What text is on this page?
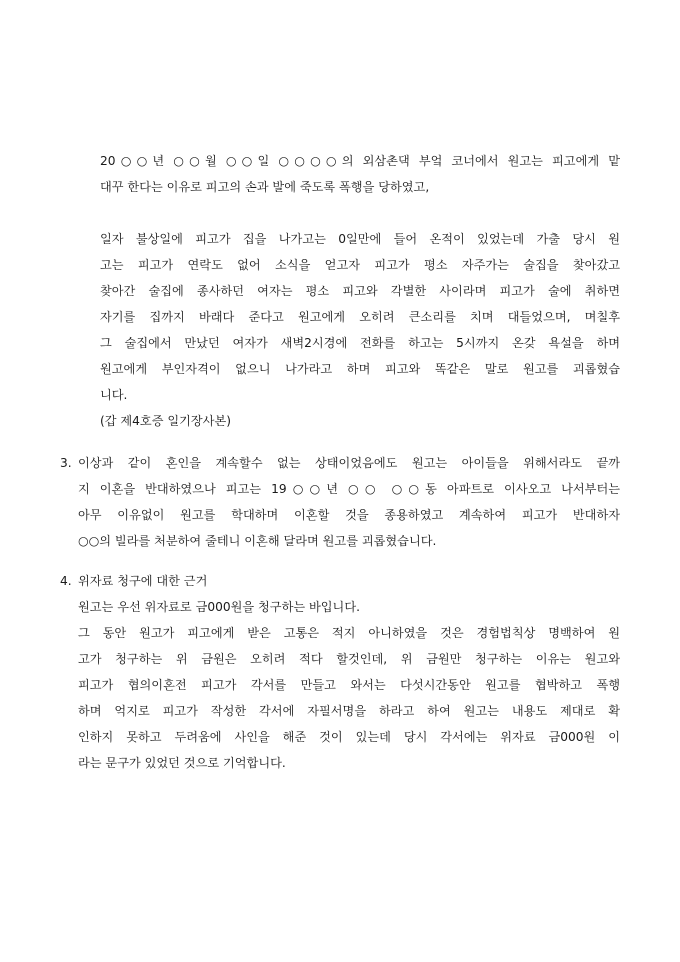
20○○년 ○○월 ○○일 ○○○○의 외삼촌댁 부엌 코너에서 원고는 피고에게 맡
대꾸 한다는 이유로 피고의 손과 발에 죽도록 폭행을 당하였고,
일자 불상일에 피고가 집을 나가고는 0일만에 들어 온적이 있었는데 가출 당시 원
고는 피고가 연락도 없어 소식을 얻고자 피고가 평소 자주가는 술집을 찾아갔고
찾아간 술집에 종사하던 여자는 평소 피고와 각별한 사이라며 피고가 술에 취하면
자기를 집까지 바래다 준다고 원고에게 오히려 큰소리를 치며 대들었으며, 며칠후
그 술집에서 만났던 여자가 새벽2시경에 전화를 하고는 5시까지 온갖 욕설을 하며
원고에게 부인자격이 없으니 나가라고 하며 피고와 똑같은 말로 원고를 괴롭혔습
니다.
(갑 제4호증 일기장사본)
3. 이상과 같이 혼인을 계속할수 없는 상태이었음에도 원고는 아이들을 위해서라도 끝까
지 이혼을 반대하였으나 피고는 19○○년 ○○ ○○동 아파트로 이사오고 나서부터는
아무 이유없이 원고를 학대하며 이혼할 것을 종용하였고 계속하여 피고가 반대하자
○○의 빌라를 처분하여 줄테니 이혼해 달라며 원고를 괴롭혔습니다.
4. 위자료 청구에 대한 근거
원고는 우선 위자료로 금000원을 청구하는 바입니다.
그 동안 원고가 피고에게 받은 고통은 적지 아니하였을 것은 경험법칙상 명백하여 원
고가 청구하는 위 금원은 오히려 적다 할것인데, 위 금원만 청구하는 이유는 원고와
피고가 협의이혼전 피고가 각서를 만들고 와서는 다섯시간동안 원고를 협박하고 폭행
하며 억지로 피고가 작성한 각서에 자필서명을 하라고 하여 원고는 내용도 제대로 확
인하지 못하고 두려움에 사인을 해준 것이 있는데 당시 각서에는 위자료 금000원 이
라는 문구가 있었던 것으로 기억합니다.
